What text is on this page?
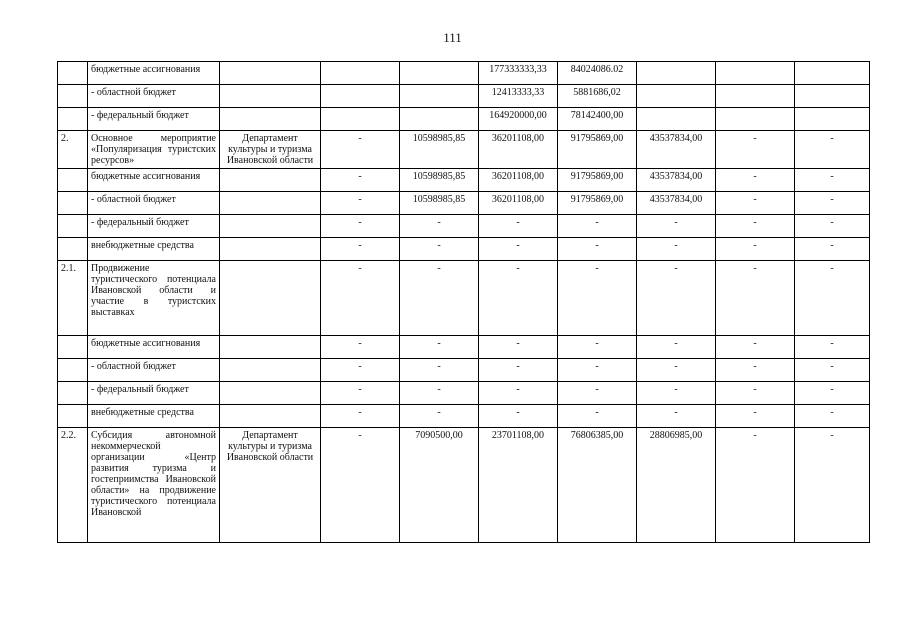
111
	бюджетные ассигнования				177333333,33	84024086.02			
	- областной бюджет				12413333,33	5881686,02			
	- федеральный бюджет				164920000,00	78142400,00			
2.	Основное мероприятие «Популяризация туристских ресурсов»	Департамент культуры и туризма Ивановской области	-	10598985,85	36201108,00	91795869,00	43537834,00	-	-
	бюджетные ассигнования		-	10598985,85	36201108,00	91795869,00	43537834,00	-	-
	- областной бюджет		-	10598985,85	36201108,00	91795869,00	43537834,00	-	-
	- федеральный бюджет		-	-	-	-	-	-	-
	внебюджетные средства		-	-	-	-	-	-	-
2.1.	Продвижение туристического потенциала Ивановской области и участие в туристских выставках		-	-	-	-	-	-	-
	бюджетные ассигнования		-	-	-	-	-	-	-
	- областной бюджет		-	-	-	-	-	-	-
	- федеральный бюджет		-	-	-	-	-	-	-
	внебюджетные средства		-	-	-	-	-	-	-
2.2.	Субсидия автономной некоммерческой организации «Центр развития туризма и гостеприимства Ивановской области» на продвижение туристического потенциала Ивановской	Департамент культуры и туризма Ивановской области	-	7090500,00	23701108,00	76806385,00	28806985,00	-	-
